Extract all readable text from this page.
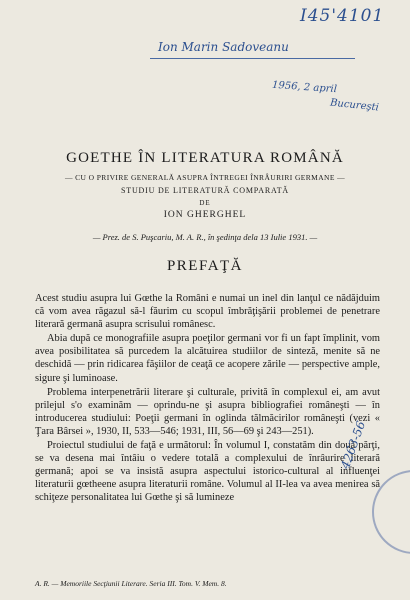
I45'4101
Ion Marin Sadoveanu
1956, 2 april
Bucureşti
GOETHE ÎN LITERATURA ROMÂNĂ
— CU O PRIVIRE GENERALĂ ASUPRA ÎNTREGEI ÎNRÂURIRI GERMANE —
STUDIU DE LITERATURĂ COMPARATĂ
DE
ION GHERGHEL
— Prez. de S. Puşcariu, M. A. R., în şedinţa dela 13 Iulie 1931. —
PREFAŢĂ

Acest studiu asupra lui Gœthe la Români e numai un inel din lanţul ce nădăjduim că vom avea răgazul să-l făurim cu scopul îmbrăţişării problemei de penetrare literară germană asupra scrisului românesc.

Abia după ce monografiile asupra poeţilor germani vor fi un fapt împlinit, vom avea posibilitatea să purcedem la alcătuirea studiilor de sinteză, menite să ne deschidă — prin ridicarea făşiilor de ceaţă ce acopere zările — perspective ample, sigure şi luminoase.

Problema interpenetrării literare şi culturale, privită în complexul ei, am avut prilejul s'o examinăm — oprindu-ne şi asupra bibliografiei româneşti — în introducerea studiului: Poeţii germani în oglinda tălmăcirilor româneşti (vezi « Ţara Bârsei », 1930, II, 533—546; 1931, III, 56—69 şi 243—251).

Proiectul studiului de faţă e următorul: În volumul I, constatăm din două părţi, se va desena mai întâiu o vedere totală a complexului de înrâurire literară germană; apoi se va insistă asupra aspectului istorico-cultural al influenţei literaturii gœtheene asupra literaturii române. Volumul al II-lea va avea menirea să schiţeze personalitatea lui Gœthe şi să lumineze

4263-56
A. R. — Memoriile Secţiunii Literare. Seria III. Tom. V. Mem. 8.
